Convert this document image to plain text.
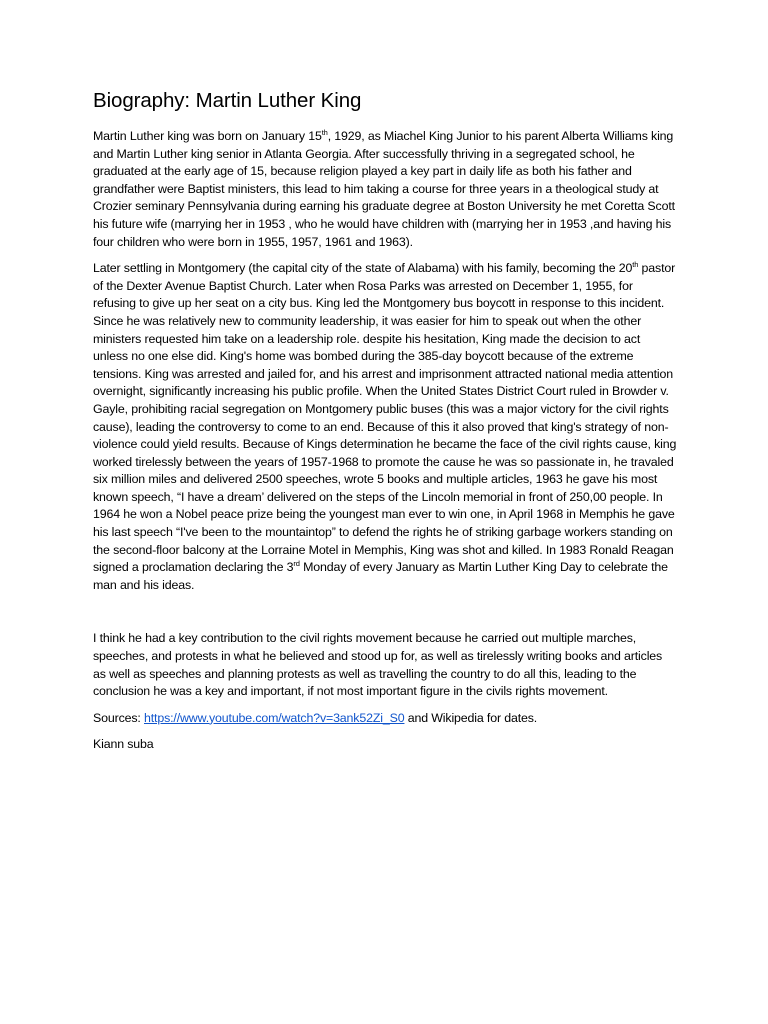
Biography: Martin Luther King

Martin Luther king was born on January 15th, 1929, as Miachel King Junior to his parent Alberta Williams king and Martin Luther king senior in Atlanta Georgia. After successfully thriving in a segregated school, he graduated at the early age of 15, because religion played a key part in daily life as both his father and grandfather were Baptist ministers, this lead to him taking a course for three years in a theological study at Crozier seminary Pennsylvania during earning his graduate degree at Boston University he met Coretta Scott his future wife (marrying her in 1953 , who he would have children with (marrying her in 1953 ,and having his four children who were born in 1955, 1957, 1961 and 1963).

Later settling in Montgomery (the capital city of the state of Alabama) with his family, becoming the 20th pastor of the Dexter Avenue Baptist Church. Later when Rosa Parks was arrested on December 1, 1955, for refusing to give up her seat on a city bus. King led the Montgomery bus boycott in response to this incident. Since he was relatively new to community leadership, it was easier for him to speak out when the other ministers requested him take on a leadership role. despite his hesitation, King made the decision to act unless no one else did. King's home was bombed during the 385-day boycott because of the extreme tensions. King was arrested and jailed for, and his arrest and imprisonment attracted national media attention overnight, significantly increasing his public profile. When the United States District Court ruled in Browder v. Gayle, prohibiting racial segregation on Montgomery public buses (this was a major victory for the civil rights cause), leading the controversy to come to an end. Because of this it also proved that king's strategy of non-violence could yield results. Because of Kings determination he became the face of the civil rights cause, king worked tirelessly between the years of 1957-1968 to promote the cause he was so passionate in, he travaled six million miles and delivered 2500 speeches, wrote 5 books and multiple articles, 1963 he gave his most known speech, “I have a dream’ delivered on the steps of the Lincoln memorial in front of 250,00 people. In 1964 he won a Nobel peace prize being the youngest man ever to win one, in April 1968 in Memphis he gave his last speech “I've been to the mountaintop” to defend the rights he of striking garbage workers standing on the second-floor balcony at the Lorraine Motel in Memphis, King was shot and killed. In 1983 Ronald Reagan signed a proclamation declaring the 3rd Monday of every January as Martin Luther King Day to celebrate the man and his ideas.

I think he had a key contribution to the civil rights movement because he carried out multiple marches, speeches, and protests in what he believed and stood up for, as well as tirelessly writing books and articles as well as speeches and planning protests as well as travelling the country to do all this, leading to the conclusion he was a key and important, if not most important figure in the civils rights movement.

Sources: https://www.youtube.com/watch?v=3ank52Zi_S0 and Wikipedia for dates.

Kiann suba
